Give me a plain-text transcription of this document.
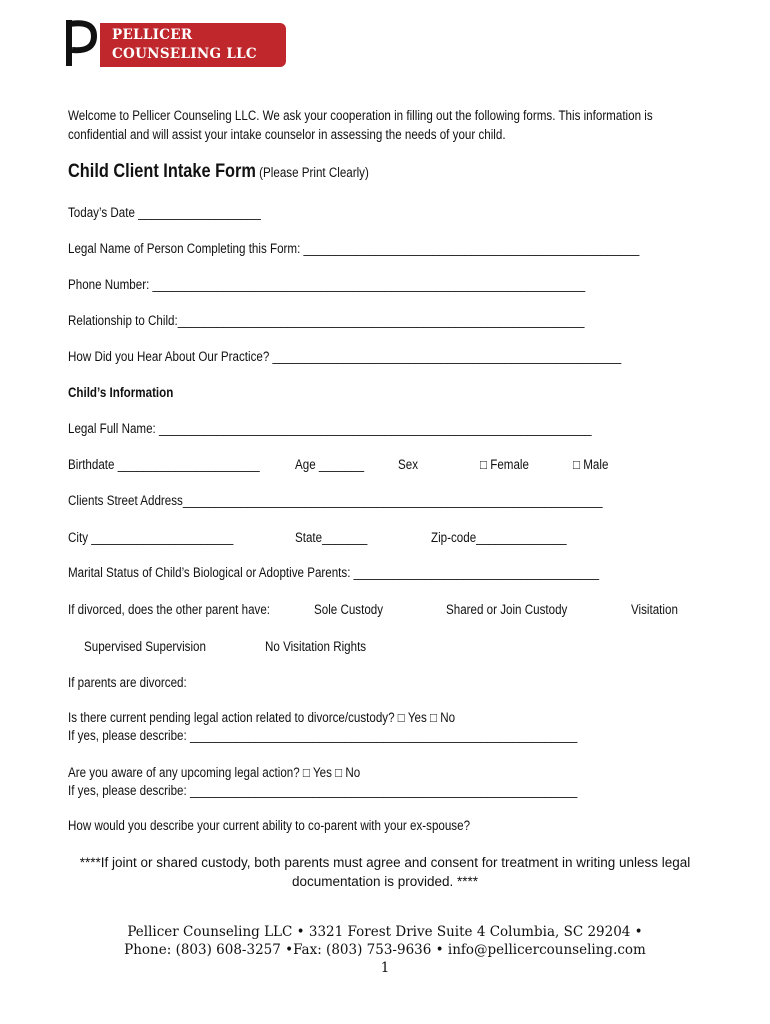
PELLICER
COUNSELING LLC
Welcome to Pellicer Counseling LLC. We ask your cooperation in filling out the following forms. This information is
confidential and will assist your intake counselor in assessing the needs of your child.
Child Client Intake Form (Please Print Clearly)
Today’s Date ___________________
Legal Name of Person Completing this Form: ____________________________________________________
Phone Number: ___________________________________________________________________
Relationship to Child:_______________________________________________________________
How Did you Hear About Our Practice? ______________________________________________________
Child’s Information
Legal Full Name: ___________________________________________________________________
Birthdate ______________________	Age _______	Sex	□ Female	□ Male
Clients Street Address_________________________________________________________________
City ______________________	State_______	Zip-code______________
Marital Status of Child’s Biological or Adoptive Parents: ______________________________________
If divorced, does the other parent have:	Sole Custody	Shared or Join Custody	Visitation
Supervised Supervision	No Visitation Rights
If parents are divorced:
Is there current pending legal action related to divorce/custody? □ Yes □ No
If yes, please describe: ____________________________________________________________
Are you aware of any upcoming legal action? □ Yes □ No
If yes, please describe: ____________________________________________________________
How would you describe your current ability to co-parent with your ex-spouse?
****If joint or shared custody, both parents must agree and consent for treatment in writing unless legal
documentation is provided. ****
Pellicer Counseling LLC • 3321 Forest Drive Suite 4 Columbia, SC 29204 •
Phone: (803) 608-3257 •Fax: (803) 753-9636 • info@pellicercounseling.com
1
